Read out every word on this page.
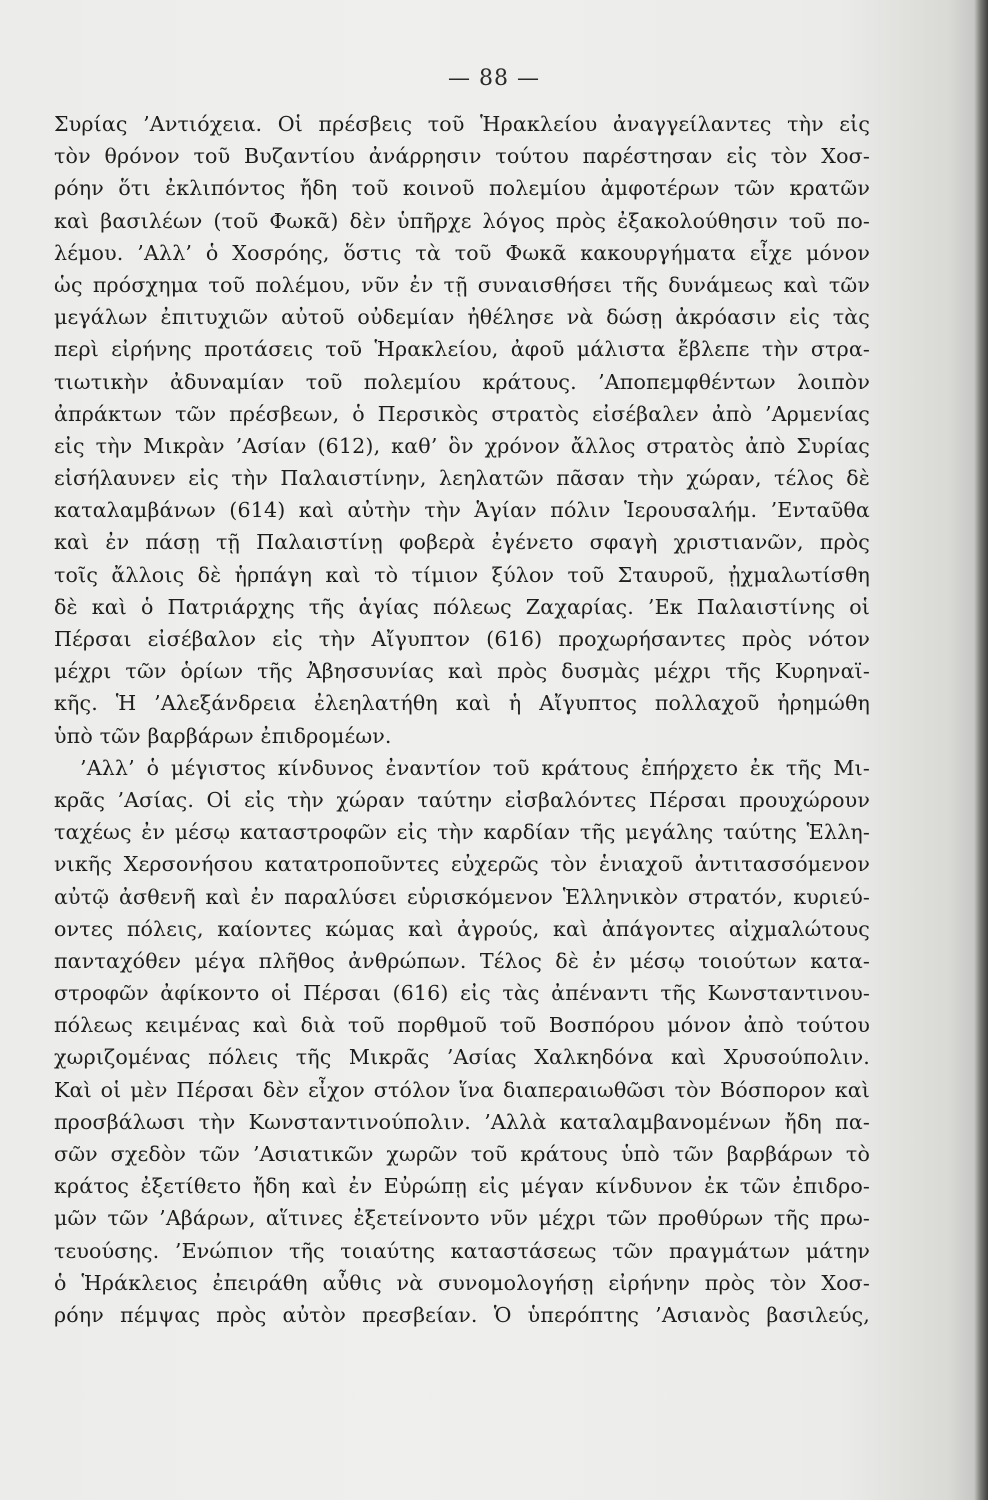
— 88 —
Συρίας ’Αντιόχεια. Οἱ πρέσβεις τοῦ Ἡρακλείου ἀναγγείλαντες τὴν εἰς
τὸν θρόνον τοῦ Βυζαντίου ἀνάρρησιν τούτου παρέστησαν εἰς τὸν Χοσ-
ρόην ὅτι ἐκλιπόντος ἤδη τοῦ κοινοῦ πολεμίου ἀμφοτέρων τῶν κρατῶν
καὶ βασιλέων (τοῦ Φωκᾶ) δὲν ὑπῆρχε λόγος πρὸς ἐξακολούθησιν τοῦ πο-
λέμου. ’Αλλ’ ὁ Χοσρόης, ὅστις τὰ τοῦ Φωκᾶ κακουργήματα εἶχε μόνον
ὡς πρόσχημα τοῦ πολέμου, νῦν ἐν τῇ συναισθήσει τῆς δυνάμεως καὶ τῶν
μεγάλων ἐπιτυχιῶν αὐτοῦ οὐδεμίαν ἠθέλησε νὰ δώσῃ ἀκρόασιν εἰς τὰς
περὶ εἰρήνης προτάσεις τοῦ Ἡρακλείου, ἀφοῦ μάλιστα ἔβλεπε τὴν στρα-
τιωτικὴν ἀδυναμίαν τοῦ πολεμίου κράτους. ’Αποπεμφθέντων λοιπὸν
ἀπράκτων τῶν πρέσβεων, ὁ Περσικὸς στρατὸς εἰσέβαλεν ἀπὸ ’Αρμενίας
εἰς τὴν Μικρὰν ’Ασίαν (612), καθ’ ὃν χρόνον ἄλλος στρατὸς ἀπὸ Συρίας
εἰσήλαυνεν εἰς τὴν Παλαιστίνην, λεηλατῶν πᾶσαν τὴν χώραν, τέλος δὲ
καταλαμβάνων (614) καὶ αὐτὴν τὴν Ἁγίαν πόλιν Ἱερουσαλήμ. ’Ενταῦθα
καὶ ἐν πάσῃ τῇ Παλαιστίνῃ φοβερὰ ἐγένετο σφαγὴ χριστιανῶν, πρὸς
τοῖς ἄλλοις δὲ ἡρπάγη καὶ τὸ τίμιον ξύλον τοῦ Σταυροῦ, ᾐχμαλωτίσθη
δὲ καὶ ὁ Πατριάρχης τῆς ἁγίας πόλεως Ζαχαρίας. ’Εκ Παλαιστίνης οἱ
Πέρσαι εἰσέβαλον εἰς τὴν Αἴγυπτον (616) προχωρήσαντες πρὸς νότον
μέχρι τῶν ὁρίων τῆς Ἀβησσυνίας καὶ πρὸς δυσμὰς μέχρι τῆς Κυρηναϊ-
κῆς. Ἡ ’Αλεξάνδρεια ἐλεηλατήθη καὶ ἡ Αἴγυπτος πολλαχοῦ ἠρημώθη
ὑπὸ τῶν βαρβάρων ἐπιδρομέων.
’Αλλ’ ὁ μέγιστος κίνδυνος ἐναντίον τοῦ κράτους ἐπήρχετο ἐκ τῆς Μι-
κρᾶς ’Ασίας. Οἱ εἰς τὴν χώραν ταύτην εἰσβαλόντες Πέρσαι προυχώρουν
ταχέως ἐν μέσῳ καταστροφῶν εἰς τὴν καρδίαν τῆς μεγάλης ταύτης Ἑλλη-
νικῆς Χερσονήσου κατατροποῦντες εὐχερῶς τὸν ἑνιαχοῦ ἀντιτασσόμενον
αὐτῷ ἀσθενῆ καὶ ἐν παραλύσει εὑρισκόμενον Ἑλληνικὸν στρατόν, κυριεύ-
οντες πόλεις, καίοντες κώμας καὶ ἀγρούς, καὶ ἀπάγοντες αἰχμαλώτους
πανταχόθεν μέγα πλῆθος ἀνθρώπων. Τέλος δὲ ἐν μέσῳ τοιούτων κατα-
στροφῶν ἀφίκοντο οἱ Πέρσαι (616) εἰς τὰς ἀπέναντι τῆς Κωνσταντινου-
πόλεως κειμένας καὶ διὰ τοῦ πορθμοῦ τοῦ Βοσπόρου μόνον ἀπὸ τούτου
χωριζομένας πόλεις τῆς Μικρᾶς ’Ασίας Χαλκηδόνα καὶ Χρυσούπολιν.
Καὶ οἱ μὲν Πέρσαι δὲν εἶχον στόλον ἵνα διαπεραιωθῶσι τὸν Βόσπορον καὶ
προσβάλωσι τὴν Κωνσταντινούπολιν. ’Αλλὰ καταλαμβανομένων ἤδη πα-
σῶν σχεδὸν τῶν ’Ασιατικῶν χωρῶν τοῦ κράτους ὑπὸ τῶν βαρβάρων τὸ
κράτος ἐξετίθετο ἤδη καὶ ἐν Εὐρώπῃ εἰς μέγαν κίνδυνον ἐκ τῶν ἐπιδρο-
μῶν τῶν ’Αβάρων, αἵτινες ἐξετείνοντο νῦν μέχρι τῶν προθύρων τῆς πρω-
τευούσης. ’Ενώπιον τῆς τοιαύτης καταστάσεως τῶν πραγμάτων μάτην
ὁ Ἡράκλειος ἐπειράθη αὖθις νὰ συνομολογήσῃ εἰρήνην πρὸς τὸν Χοσ-
ρόην πέμψας πρὸς αὐτὸν πρεσβείαν. Ὁ ὑπερόπτης ’Ασιανὸς βασιλεύς,
